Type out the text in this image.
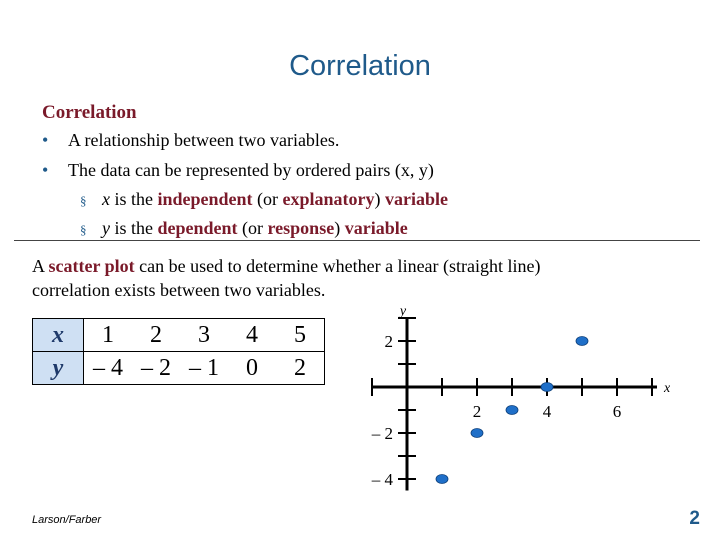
Correlation
Correlation
• A relationship between two variables.
• The data can be represented by ordered pairs (x, y)
§ x is the independent (or explanatory) variable
§ y is the dependent (or response) variable
A scatter plot can be used to determine whether a linear (straight line) correlation exists between two variables.
x	1	2	3	4	5
y	– 4	– 2	– 1	0	2
2	4	6
2
– 2
– 4
x
y
Larson/Farber	2
